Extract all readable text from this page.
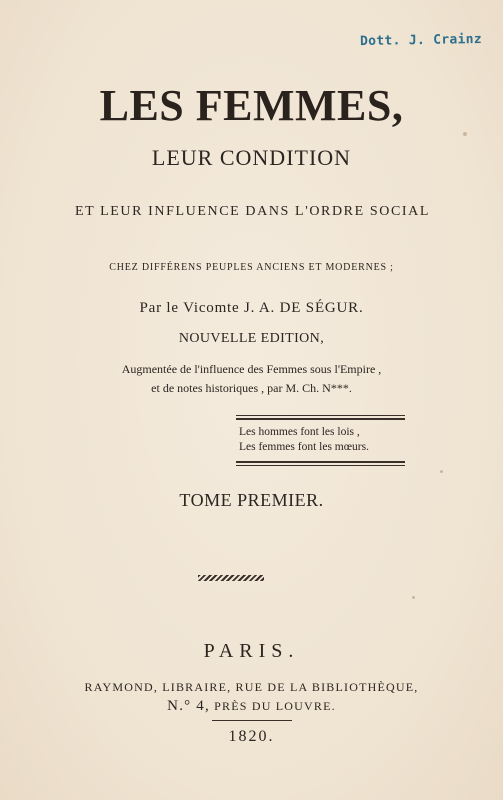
Dott. J. Crainz
LES FEMMES,
LEUR CONDITION
ET LEUR INFLUENCE DANS L'ORDRE SOCIAL
CHEZ DIFFÉRENS PEUPLES ANCIENS ET MODERNES ;
Par le Vicomte J. A. DE SÉGUR.
NOUVELLE EDITION,
Augmentée de l'influence des Femmes sous l'Empire ,
et de notes historiques , par M. Ch. N***.
Les hommes font les lois ,
Les femmes font les mœurs.
TOME PREMIER.
PARIS.
RAYMOND, LIBRAIRE, RUE DE LA BIBLIOTHÈQUE,
N.° 4, PRÈS DU LOUVRE.
1820.
